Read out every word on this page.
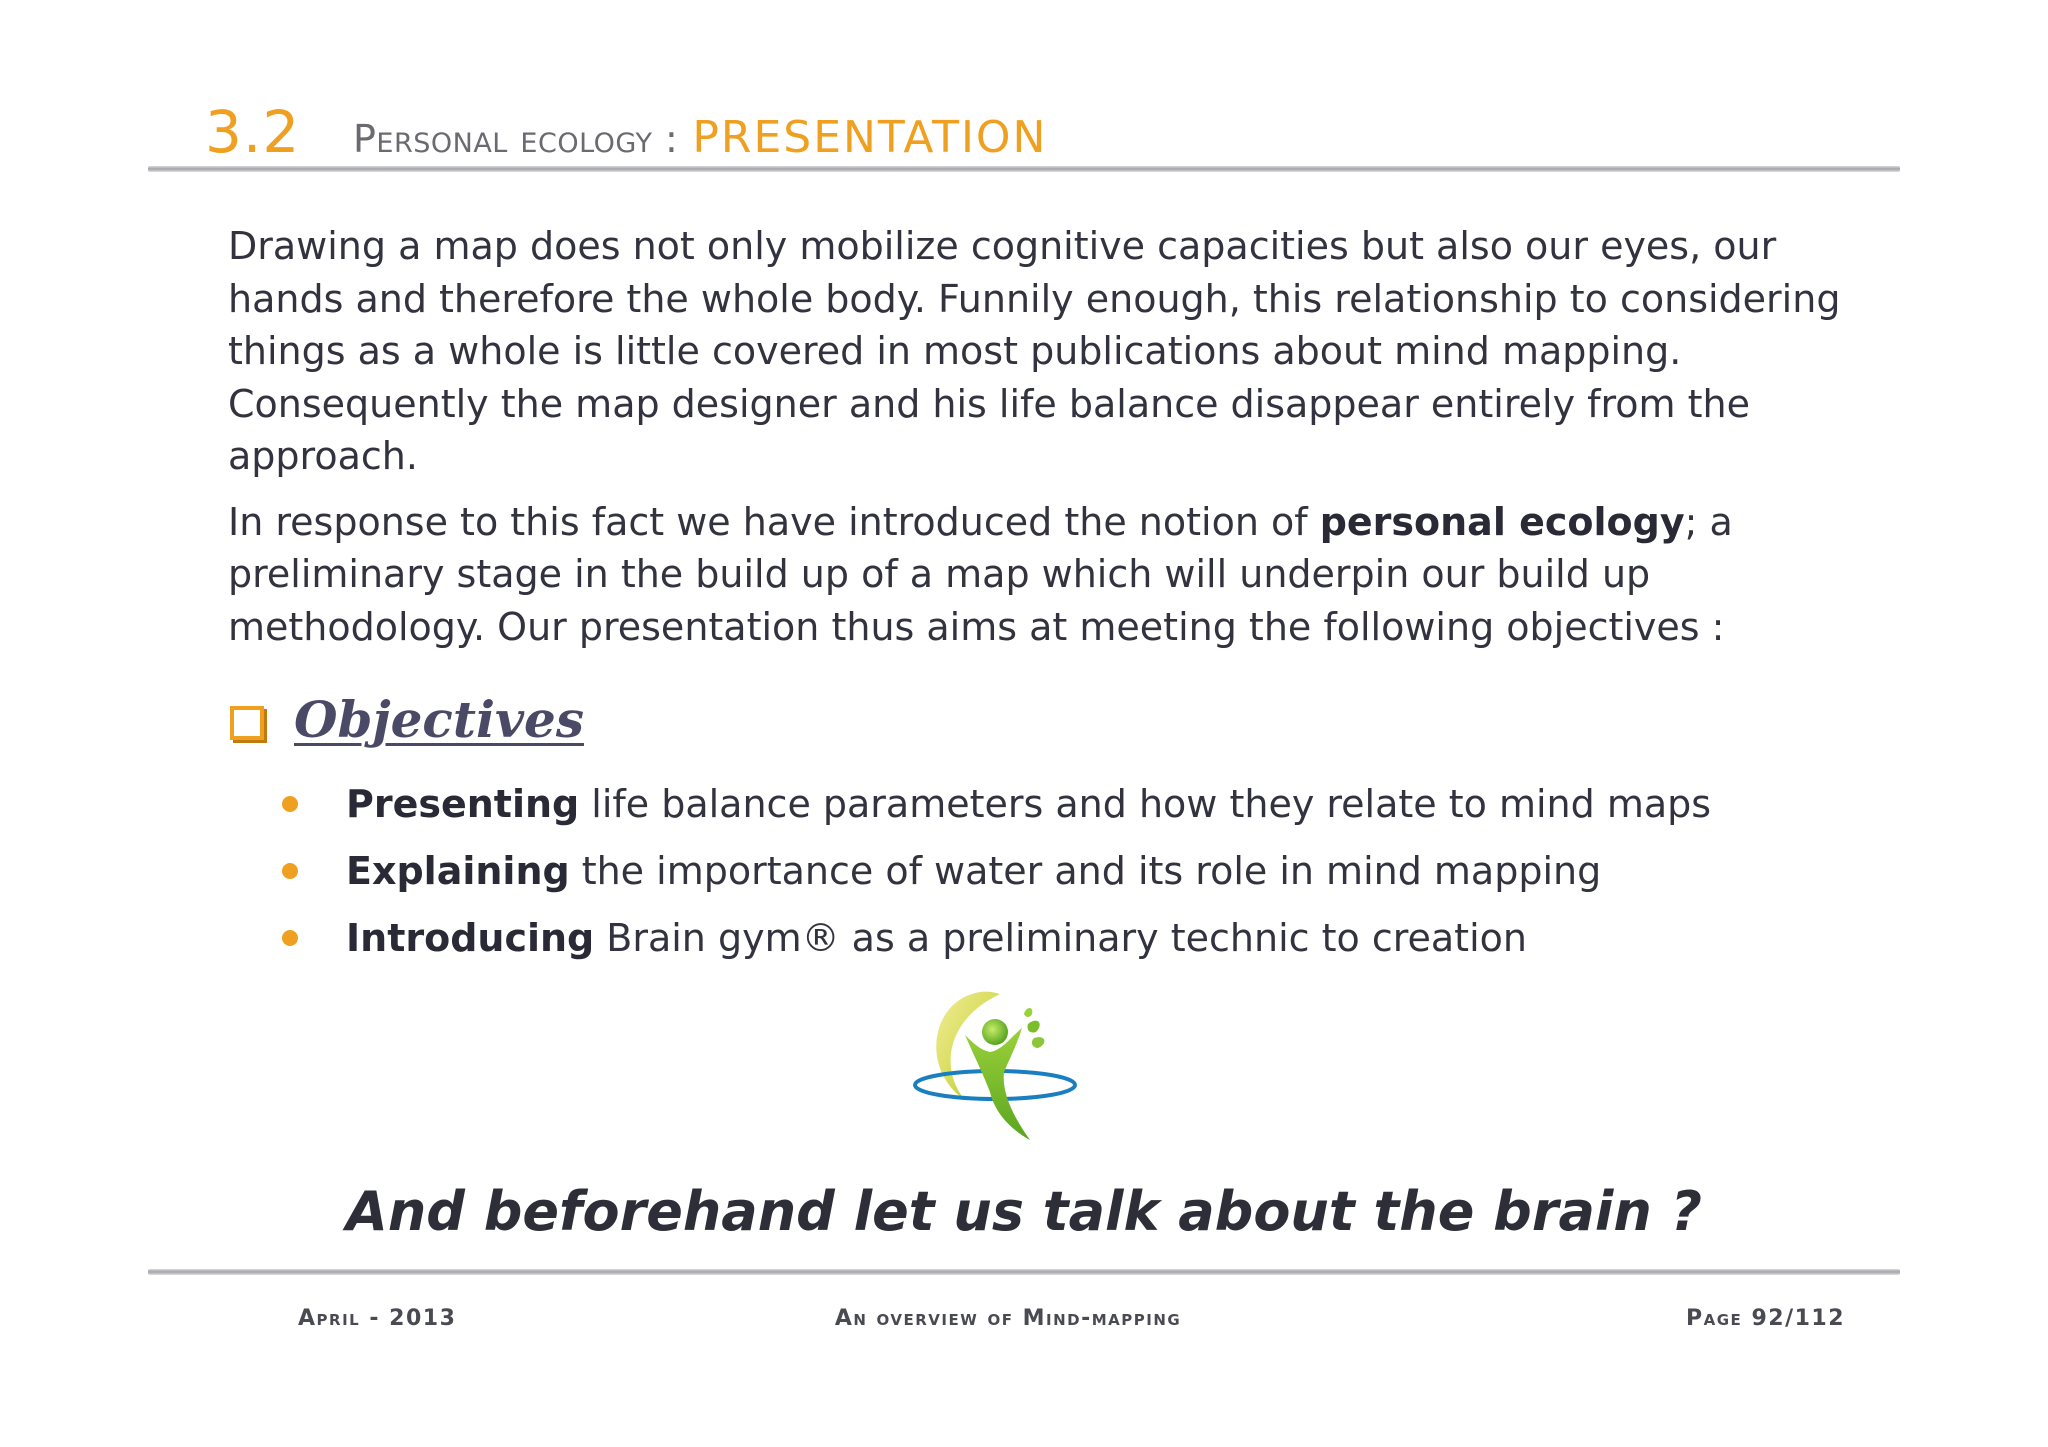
3.2	Personal ecology : PRESENTATION

Drawing a map does not only mobilize cognitive capacities but also our eyes, our hands and therefore the whole body. Funnily enough, this relationship to considering things as a whole is little covered in most publications about mind mapping. Consequently the map designer and his life balance disappear entirely from the approach.

In response to this fact we have introduced the notion of personal ecology; a preliminary stage in the build up of a map which will underpin our build up methodology. Our presentation thus aims at meeting the following objectives :

Objectives
Presenting life balance parameters and how they relate to mind maps
Explaining the importance of water and its role in mind mapping
Introducing Brain gym® as a preliminary technic to creation
And beforehand let us talk about the brain ?
April - 2013	An overview of Mind-mapping	Page 92/112
